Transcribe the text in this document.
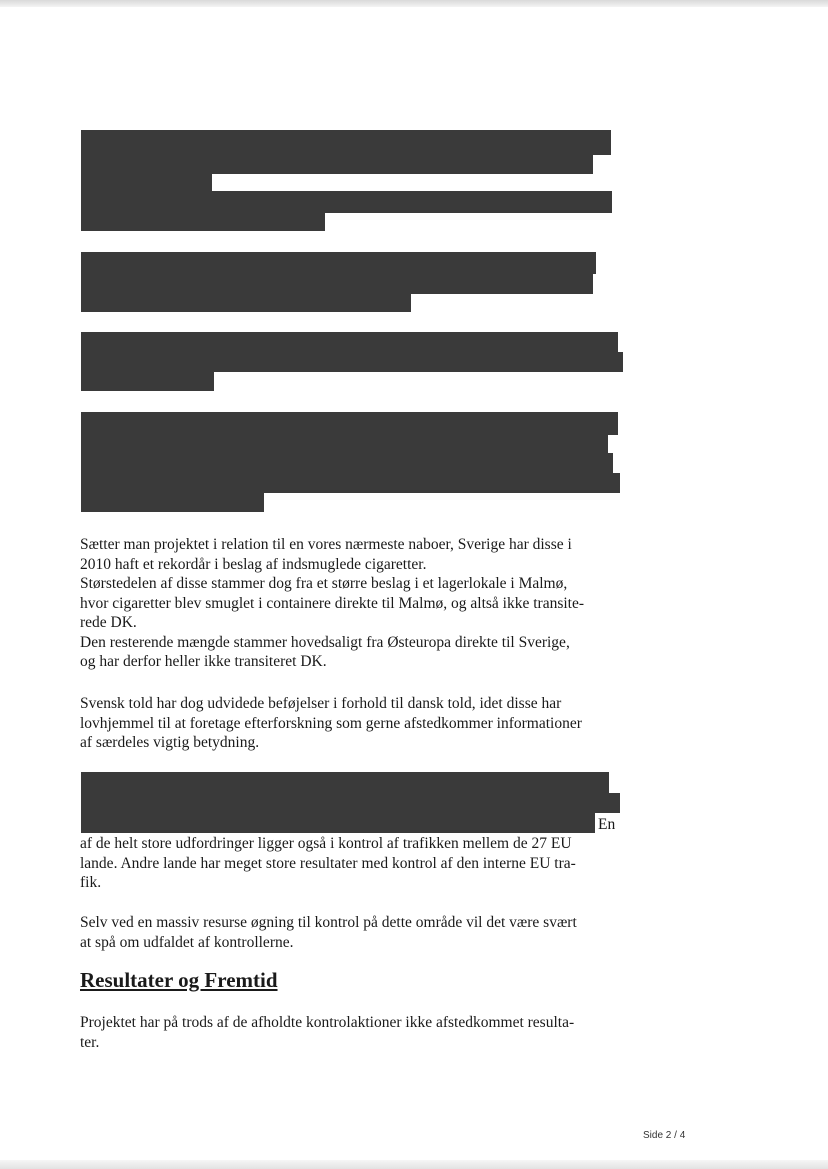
Sætter man projektet i relation til en vores nærmeste naboer, Sverige har disse i
2010 haft et rekordår i beslag af indsmuglede cigaretter.
Størstedelen af disse stammer dog fra et større beslag i et lagerlokale i Malmø,
hvor cigaretter blev smuglet i containere direkte til Malmø, og altså ikke transite-
rede DK.
Den resterende mængde stammer hovedsaligt fra Østeuropa direkte til Sverige,
og har derfor heller ikke transiteret DK.
Svensk told har dog udvidede beføjelser i forhold til dansk told, idet disse har
lovhjemmel til at foretage efterforskning som gerne afstedkommer informationer
af særdeles vigtig betydning.
En
af de helt store udfordringer ligger også i kontrol af trafikken mellem de 27 EU
lande. Andre lande har meget store resultater med kontrol af den interne EU tra-
fik.
Selv ved en massiv resurse øgning til kontrol på dette område vil det være svært
at spå om udfaldet af kontrollerne.
Resultater og Fremtid
Projektet har på trods af de afholdte kontrolaktioner ikke afstedkommet resulta-
ter.
Side 2 / 4
